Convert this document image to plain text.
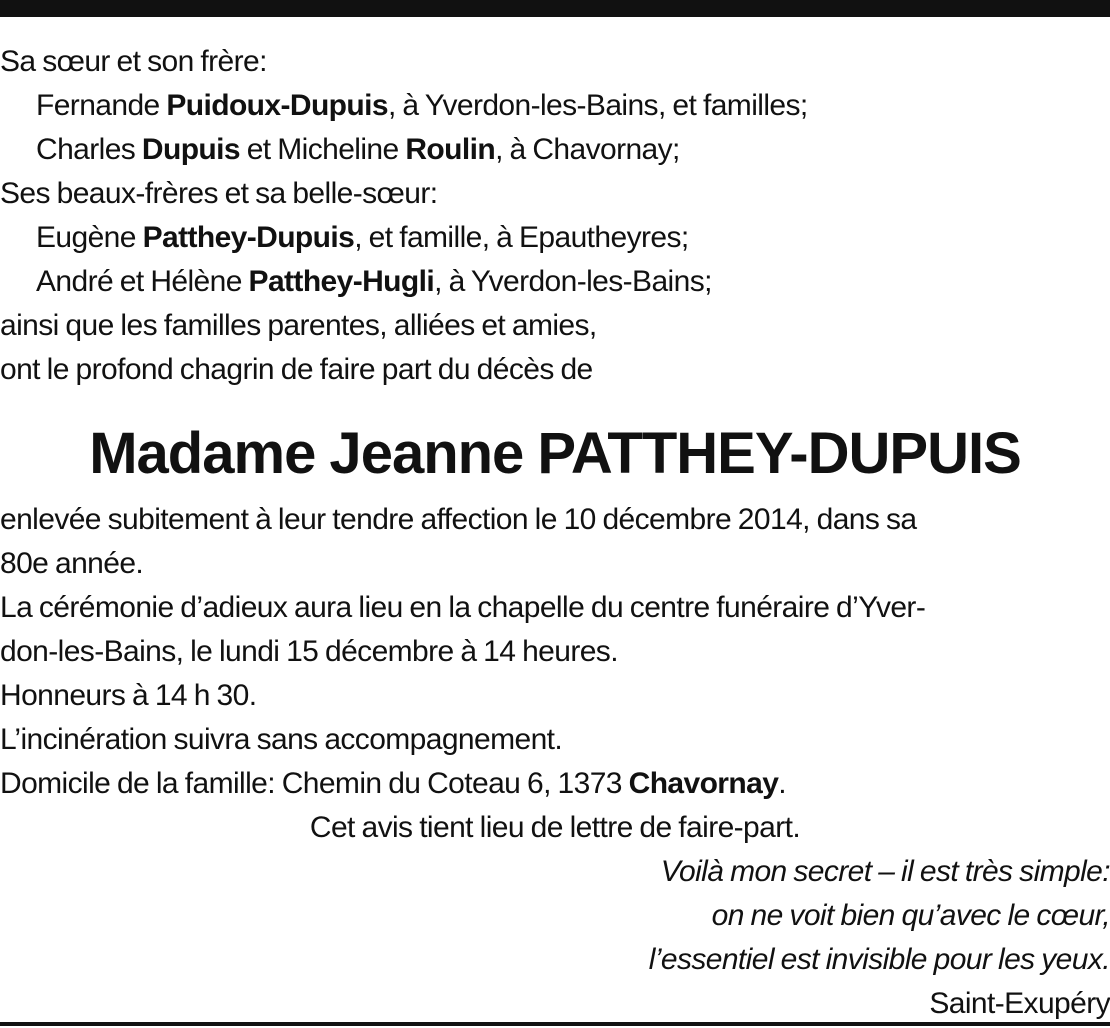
Sa sœur et son frère:
Fernande Puidoux-Dupuis, à Yverdon-les-Bains, et familles;
Charles Dupuis et Micheline Roulin, à Chavornay;
Ses beaux-frères et sa belle-sœur:
Eugène Patthey-Dupuis, et famille, à Epautheyres;
André et Hélène Patthey-Hugli, à Yverdon-les-Bains;
ainsi que les familles parentes, alliées et amies,
ont le profond chagrin de faire part du décès de
Madame Jeanne PATTHEY-DUPUIS
enlevée subitement à leur tendre affection le 10 décembre 2014, dans sa
80e année.
La cérémonie d’adieux aura lieu en la chapelle du centre funéraire d’Yver-
don-les-Bains, le lundi 15 décembre à 14 heures.
Honneurs à 14 h 30.
L’incinération suivra sans accompagnement.
Domicile de la famille: Chemin du Coteau 6, 1373 Chavornay.
Cet avis tient lieu de lettre de faire-part.
Voilà mon secret – il est très simple:
on ne voit bien qu’avec le cœur,
l’essentiel est invisible pour les yeux.
Saint-Exupéry
